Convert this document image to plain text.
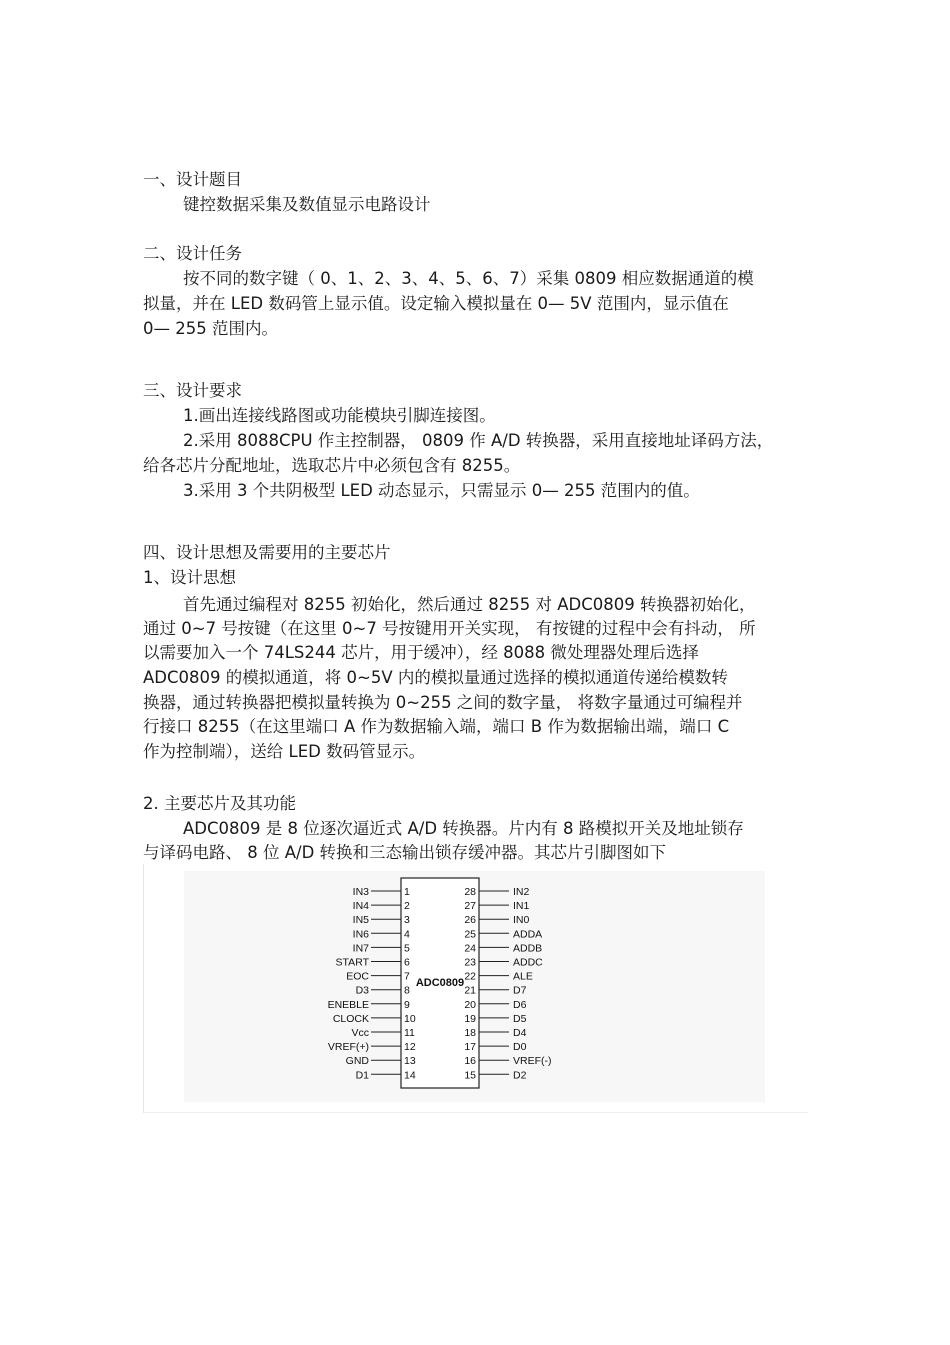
一、设计题目
键控数据采集及数值显示电路设计
二、设计任务
按不同的数字键（ 0、1、2、3、4、5、6、7）采集 0809 相应数据通道的模
拟量，并在 LED 数码管上显示值。设定输入模拟量在 0— 5V 范围内，显示值在
0— 255 范围内。
三、设计要求
1.画出连接线路图或功能模块引脚连接图。
2.采用 8088CPU 作主控制器， 0809 作 A/D 转换器，采用直接地址译码方法，
给各芯片分配地址，选取芯片中必须包含有 8255。
3.采用 3 个共阴极型 LED 动态显示，只需显示 0— 255 范围内的值。
四、设计思想及需要用的主要芯片
1、设计思想
首先通过编程对 8255 初始化，然后通过 8255 对 ADC0809 转换器初始化，
通过 0~7 号按键（在这里 0~7 号按键用开关实现， 有按键的过程中会有抖动， 所
以需要加入一个 74LS244 芯片，用于缓冲），经 8088 微处理器处理后选择
ADC0809 的模拟通道，将 0~5V 内的模拟量通过选择的模拟通道传递给模数转
换器，通过转换器把模拟量转换为 0~255 之间的数字量， 将数字量通过可编程并
行接口 8255（在这里端口 A 作为数据输入端，端口 B 作为数据输出端，端口 C
作为控制端），送给 LED 数码管显示。
2. 主要芯片及其功能
ADC0809 是 8 位逐次逼近式 A/D 转换器。片内有 8 路模拟开关及地址锁存
与译码电路、 8 位 A/D 转换和三态输出锁存缓冲器。其芯片引脚图如下
ADC0809
IN3	1
IN4	2
IN5	3
IN6	4
IN7	5
START	6
EOC	7
D3	8
ENEBLE	9
CLOCK	10
Vcc	11
VREF(+)	12
GND	13
D1	14
IN2
28
IN1
27
IN0
26
ADDA
25
ADDB
24
ADDC
23
ALE
22
D7
21
D6
20
D5
19
D4
18
D0
17
VREF(-)
16
D2
15
